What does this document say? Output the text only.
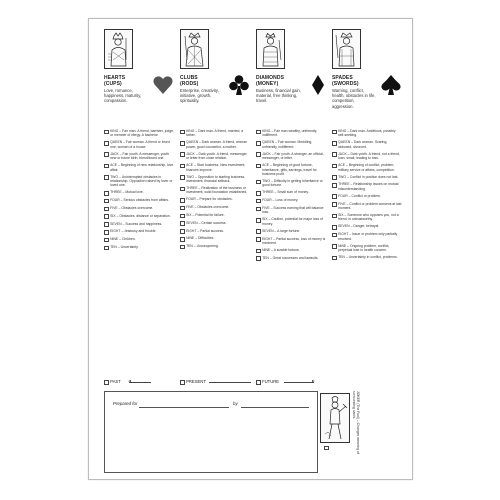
HEARTS
(CUPS)
Love, romance, happiness, maturity, compassion.
KING – Fair man. A friend, barrister, judge, or member of clergy. A bachelor.
QUEEN – Fair woman. A friend or loved one, woman of a house.
JACK – Fair youth. A messenger, youth new or future birth, friend/loved one.
ACE – Beginning of new relationship, love affair.
TWO – Uninterrupted obstacles in relationship. Opposition raised by lover or loved one.
THREE – Mutual love.
FOUR – Serious obstacles from affairs.
FIVE – Obstacles overcome.
SIX – Obstacles, distance or separation.
SEVEN – Success and happiness.
EIGHT – Jealousy and trouble.
NINE – Children.
TEN – Uncertainty.
CLUBS
(RODS)
Enterprise, creativity, initiative, growth, spirituality.
KING – Dark man. A friend, married, a father.
QUEEN – Dark woman. A friend, woman power, good counsellor, a mother.
JACK – Dark youth. A friend, messenger or letter from close relation.
ACE – Start business. New investment, finances improve.
TWO – Opposition to starting business, investment, financial setback.
THREE – Realization of the business or investment, solid foundation established.
FOUR – Prepare for obstacles.
FIVE – Obstacles overcome.
SIX – Potential for failure.
SEVEN – Certain success.
EIGHT – Partial success.
NINE – Difficulties.
TEN – Unconquering.
DIAMONDS
(MONEY)
Business, financial gain, material, free thinking, travel.
KING – Fair man wealthy, unfriendly, indifferent.
QUEEN – Fair woman. Meddling, unfriendly, indifferent.
JACK – Fair youth. A stranger, an official, messenger, or letter.
ACE – Beginning of good fortune, inheritance, gifts, earnings, travel for business profit.
TWO – Difficulty in getting inheritance or good fortune.
THREE – Small sum of money.
FOUR – Loss of money.
FIVE – Success earning that will balance loss.
SIX – Caution, potential for major loss of money.
SEVEN – A large fortune.
EIGHT – Partial success, loss of money is imminent.
NINE – A sizable fortune.
TEN – Great successes and lawsuits.
SPADES
(SWORDS)
Warning, conflict, health, obstacles in life, competition, aggression.
KING – Dark man. Ambitious, possibly self-seeking.
QUEEN – Dark woman. Scaring, widowed, divorced.
JACK – Dark youth. A friend, not a friend, loan, small, leading to loss.
ACE – Beginning of conflict, problem, military service or affairs, competition.
TWO – Conflict in position does not last.
THREE – Relationship issues on mutual misunderstanding.
FOUR – Conflict or problem.
FIVE – Conflict or problem worsens at last moment.
SIX – Someone who opposes you, not a friend, is untrustworthy.
SEVEN – Danger, betrayal.
EIGHT – Issue or problem only partially resolved.
NINE – Ongoing problem, conflict, perpetual lose in health concern.
TEN – Uncertainty in conflict, problems.
PAST	PRESENT	FUTURE
Prepared for	by	JOKER (The Fool) – Changes meaning of surrounding cards.
